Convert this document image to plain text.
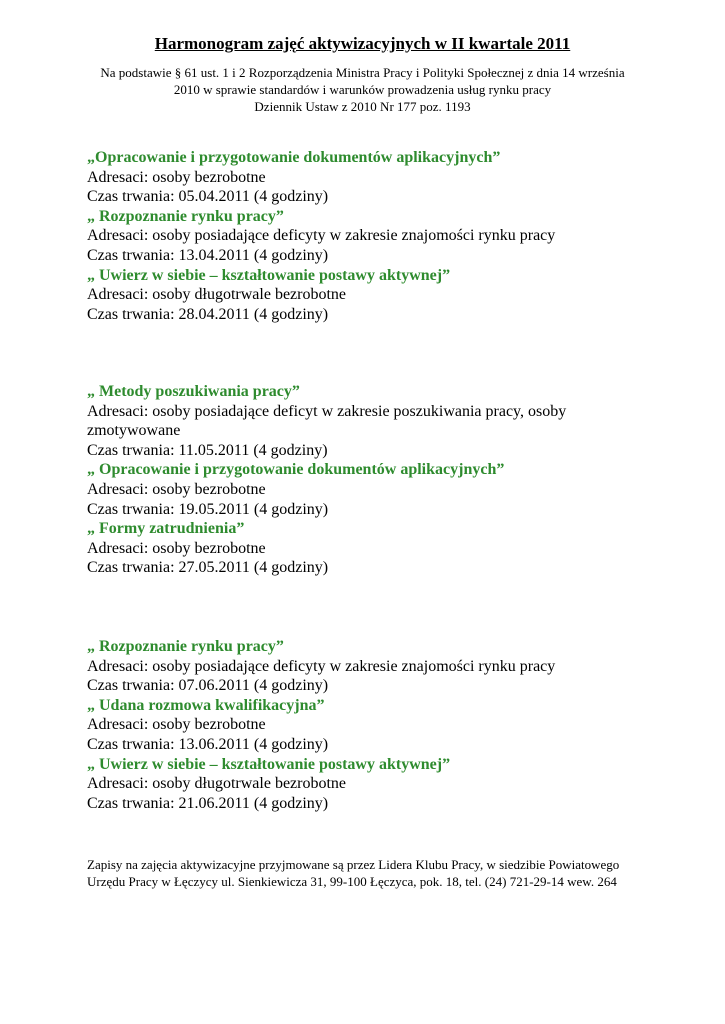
Harmonogram zajęć aktywizacyjnych w II kwartale 2011
Na podstawie § 61 ust. 1 i 2 Rozporządzenia Ministra Pracy i Polityki Społecznej z dnia 14 września
2010 w sprawie standardów i warunków prowadzenia usług rynku pracy
Dziennik Ustaw z 2010 Nr 177 poz. 1193
„Opracowanie i przygotowanie dokumentów aplikacyjnych”
Adresaci: osoby bezrobotne
Czas trwania: 05.04.2011 (4 godziny)
„ Rozpoznanie rynku pracy”
Adresaci: osoby posiadające deficyty w zakresie znajomości rynku pracy
Czas trwania: 13.04.2011 (4 godziny)
„ Uwierz w siebie – kształtowanie postawy aktywnej”
Adresaci: osoby długotrwale bezrobotne
Czas trwania: 28.04.2011 (4 godziny)
„ Metody poszukiwania pracy”
Adresaci: osoby posiadające deficyt w zakresie poszukiwania pracy, osoby zmotywowane
Czas trwania: 11.05.2011 (4 godziny)
„ Opracowanie i przygotowanie dokumentów aplikacyjnych”
Adresaci: osoby bezrobotne
Czas trwania: 19.05.2011 (4 godziny)
„ Formy zatrudnienia”
Adresaci: osoby bezrobotne
Czas trwania: 27.05.2011 (4 godziny)
„ Rozpoznanie rynku pracy”
Adresaci: osoby posiadające deficyty w zakresie znajomości rynku pracy
Czas trwania: 07.06.2011 (4 godziny)
„ Udana rozmowa kwalifikacyjna”
Adresaci: osoby bezrobotne
Czas trwania: 13.06.2011 (4 godziny)
„ Uwierz w siebie – kształtowanie postawy aktywnej”
Adresaci: osoby długotrwale bezrobotne
Czas trwania: 21.06.2011 (4 godziny)
Zapisy na zajęcia aktywizacyjne przyjmowane są przez Lidera Klubu Pracy, w siedzibie Powiatowego Urzędu Pracy w Łęczycy ul. Sienkiewicza 31, 99-100 Łęczyca, pok. 18, tel. (24) 721-29-14 wew. 264
